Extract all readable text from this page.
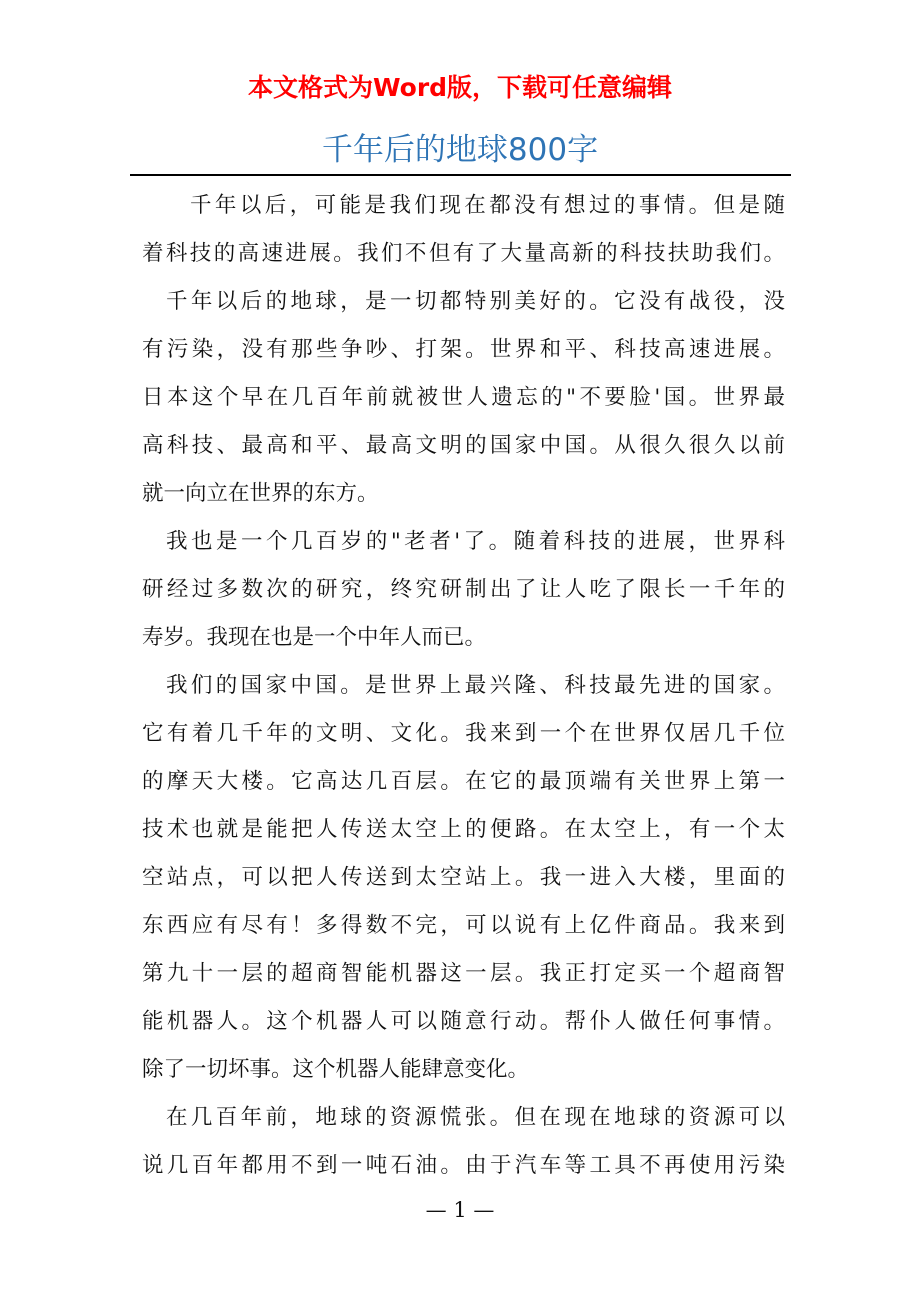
本文格式为Word版，下载可任意编辑
千年后的地球800字
千年以后，可能是我们现在都没有想过的事情。但是随
着科技的高速进展。我们不但有了大量高新的科技扶助我们。
千年以后的地球，是一切都特别美好的。它没有战役，没
有污染，没有那些争吵、打架。世界和平、科技高速进展。
日本这个早在几百年前就被世人遗忘的"不要脸'国。世界最
高科技、最高和平、最高文明的国家中国。从很久很久以前
就一向立在世界的东方。
我也是一个几百岁的"老者'了。随着科技的进展，世界科
研经过多数次的研究，终究研制出了让人吃了限长一千年的
寿岁。我现在也是一个中年人而已。
我们的国家中国。是世界上最兴隆、科技最先进的国家。
它有着几千年的文明、文化。我来到一个在世界仅居几千位
的摩天大楼。它高达几百层。在它的最顶端有关世界上第一
技术也就是能把人传送太空上的便路。在太空上，有一个太
空站点，可以把人传送到太空站上。我一进入大楼，里面的
东西应有尽有！多得数不完，可以说有上亿件商品。我来到
第九十一层的超商智能机器这一层。我正打定买一个超商智
能机器人。这个机器人可以随意行动。帮仆人做任何事情。
除了一切坏事。这个机器人能肆意变化。
在几百年前，地球的资源慌张。但在现在地球的资源可以
说几百年都用不到一吨石油。由于汽车等工具不再使用污染
— 1 —
